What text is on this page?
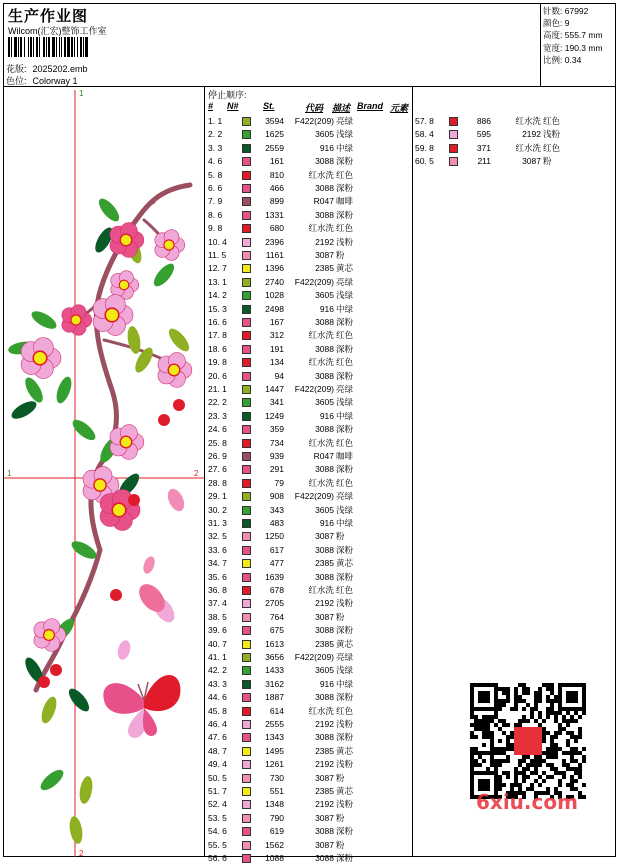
生产作业图
Wilcom(汇宏)整饰工作室
花版: 2025202.emb
色位: Colorway 1
针数: 67992
颜色: 9
高度: 555.7 mm
宽度: 190.3 mm
比例: 0.34
1
2
1	2
停止顺序:
# N#	St.	代码 描述 Brand 元素
1. 1	3594	F422(209) 亮绿
2. 2	1625	3605 浅绿
3. 3	2559	916 中绿
4. 6	161	3088 深粉
5. 8	810	红水洗 红色
6. 6	466	3088 深粉
7. 9	899	R047 咖啡
8. 6	1331	3088 深粉
9. 8	680	红水洗 红色
10. 4	2396	2192 浅粉
11. 5	1161	3087 粉
12. 7	1396	2385 黄芯
13. 1	2740	F422(209) 亮绿
14. 2	1028	3605 浅绿
15. 3	2498	916 中绿
16. 6	167	3088 深粉
17. 8	312	红水洗 红色
18. 6	191	3088 深粉
19. 8	134	红水洗 红色
20. 6	94	3088 深粉
21. 1	1447	F422(209) 亮绿
22. 2	341	3605 浅绿
23. 3	1249	916 中绿
24. 6	359	3088 深粉
25. 8	734	红水洗 红色
26. 9	939	R047 咖啡
27. 6	291	3088 深粉
28. 8	79	红水洗 红色
29. 1	908	F422(209) 亮绿
30. 2	343	3605 浅绿
31. 3	483	916 中绿
32. 5	1250	3087 粉
33. 6	617	3088 深粉
34. 7	477	2385 黄芯
35. 6	1639	3088 深粉
36. 8	678	红水洗 红色
37. 4	2705	2192 浅粉
38. 5	764	3087 粉
39. 6	675	3088 深粉
40. 7	1613	2385 黄芯
41. 1	3656	F422(209) 亮绿
42. 2	1433	3605 浅绿
43. 3	3162	916 中绿
44. 6	1887	3088 深粉
45. 8	614	红水洗 红色
46. 4	2555	2192 浅粉
47. 6	1343	3088 深粉
48. 7	1495	2385 黄芯
49. 4	1261	2192 浅粉
50. 5	730	3087 粉
51. 7	551	2385 黄芯
52. 4	1348	2192 浅粉
53. 5	790	3087 粉
54. 6	619	3088 深粉
55. 5	1562	3087 粉
56. 6	1088	3088 深粉
57. 8	886	红水洗 红色
58. 4	595	2192 浅粉
59. 8	371	红水洗 红色
60. 5	211	3087 粉
6xiu.com
